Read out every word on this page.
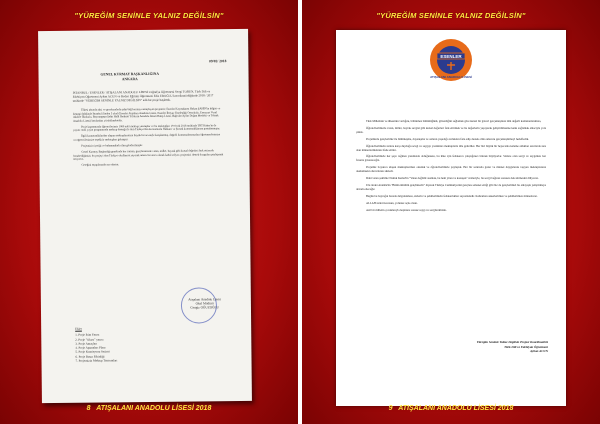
"YÜREĞİM SENİNLE YALNIZ DEĞİLSİN"
09/02/ 2018
GENEL KURMAY BAŞKANLIĞINA
ANKARA
İSTANBUL / ESENLER / ATIŞALANI ANADOLU LİSESİ Coğrafya Öğretmeni Sevgi TORUN, Türk Dili ve Edebiyatı Öğretmeni Ayhan ACUN ve Beden Eğitimi Öğretmeni Edis EROĞLU koordinatörlüğünde 2018 / 2017 tarihinde "YÜREĞİM SENİNLE YALNIZ DEĞİLSİN" adlı bir proje başlattık.

Ülkesi abunda aksi ve gecekonduda şehit bağ kurmayı amaçlayan projemiz; Esenler Kaymakamı Hakan ŞAHİN'in bilgisi ve destegi dahilinde İstanbul ilinden 5 okul (Esenler Atışalanı Anadolu Lisesi, Esenler İhtiyaç Kardeşliği Ortaokulu, Esenyurt Vural Akdere İlkokulu, Bayrampaşa Şehit Halil Ibrahim Yıldırım Anadolu İmam Hatip Lisesi, Bağcılar Aydın Doğan Mesleki ve Teknik Anadolu Lisesi) katılımları yürütülmektedir.

Proje kapsamında öğrencilerimiz 1060 adet mektup yazmışlar ve bu mektupları 19 Ocak 2018 tarihinde TRT Haber'in de yayını canlı yayın programında mektup desteği ile tüm Türkiye'den kursumuzla Hakkari ve Şırnak komutanlıklarına postalanmıştır.

İlgili komutanlıklardan ulaşan mektuplarımıza büyük bir sevinçle karşılanmış, değerli komutanlarımızdan öğretmenlerimize ve öğrencilerimize teşekkür mektupları gelmiştir.

Projemizin içeriği ve bahanmalarla ilim gönderilmiştir.

Genel Kurmay Başkanlığı genelinde her zaman, gençlerimizde vatan, millet, bayrak gibi kutsal değerleri fark ettirecek beraberliğimizi; bu projeyi tüm Türkiye okullarına yayarak amacı bir aracı olarak kabul ediyor, projemizi destek duyguları paylaşmak istiyoruz.

Gereğini saygılarımla arz ederim.

Atışalanı Anadolu Lisesi
Okul Müdürü
Cengiz OĞUZOĞLU
Ekler
1. Proje İsim Yazısı
2. Proje "Oluru" yazısı
3. Proje Amaçları
4. Proje Aşamaları Planı
5. Proje Komisyonu Seçimi
6. Proje Basın Etkinliği
7. Projemizin Mektup Tasarımları
8 ATIŞALANI ANADOLU LİSESİ 2018
"YÜREĞİM SENİNLE YALNIZ DEĞİLSİN"
ESENLER
ATIŞALANI ANADOLU LİSESİ

Türk Milletinin ve ülkesinin varlığını, bölünmez bütünlüğünü, güvenliğini sağlamak göre kutsal bir görevi gerçekleştiren tüm değerli komutanlarımıza,

Öğrencilerimizde vatan, millet, bayrak sevgisi gibi kutsal değerleri fark ettirmek ve bu değerlerin yaşayarak geliştirilmesine katkı sağlamak amacıyla yola çıktık.

Projemizde gençlerimiz ile bütünleşme, dayanışma ve onların yaşadığı zorlukları fark edip destek olma amacını gerçekleştirmeyi hedefledik.

Öğrencilerimizin sizlere karşı duyduğu sevgi ve saygıyı yazdıkları mektuplarla dile getirdiler. Her biri büyük bir heyecanla kaleme aldıkları satırlarda size olan minnettarlıklarını ifade ettiler.

Öğrencilerimizle her şeye rağmen yanımızda olduğunuzu, bu ülke için fedakarca çalıştığınızı bilerek büyüyorlar. Sizlere olan sevgi ve saygımızı her fırsatta göstereceğiz.

Projemiz boyunca ulaşan mektuplarımızı okuduk ve öğrencilerimizle paylaştık. Her bir satırında gurur ve minnet duygularını taşıyan mektuplarınız okulumuzun duvarlarını süsledi.

Dahi vatan şairimiz Namık Kemal'in "Vatan değildir susmak, bu hem yiten ve konuşan" sözleriyle, bu sevgi bağının sonsuza dek sürmesini diliyoruz.

Ulu önder Atatürk'ün "Bütün ümidim gençliktedir" diyerek Türkiye Cumhuriyetini gençlere emanet ettiği gibi biz de gençlerimizi bu anlayışla yetiştirmeye devam edeceğiz.

Bugün bu bayrağın burada dalgalanması, sizlerin ve şehitlerimizin fedakarlıkları sayesindedir. Kahraman askerlerimize ve şehitlerimize minnettarız.

ALLAH sizleri korusun, yolunuz açık olsun.

Asil bir milletin çocuklarıyla hepinize sonsuz saygı ve sevgilerimizle.

Yüreğim Seninle Yalnız Değilsin Projesi Koordinatörü
Türk Dili ve Edebiyatı Öğretmeni
Ayhan ACUN
9 ATIŞALANI ANADOLU LİSESİ 2018
